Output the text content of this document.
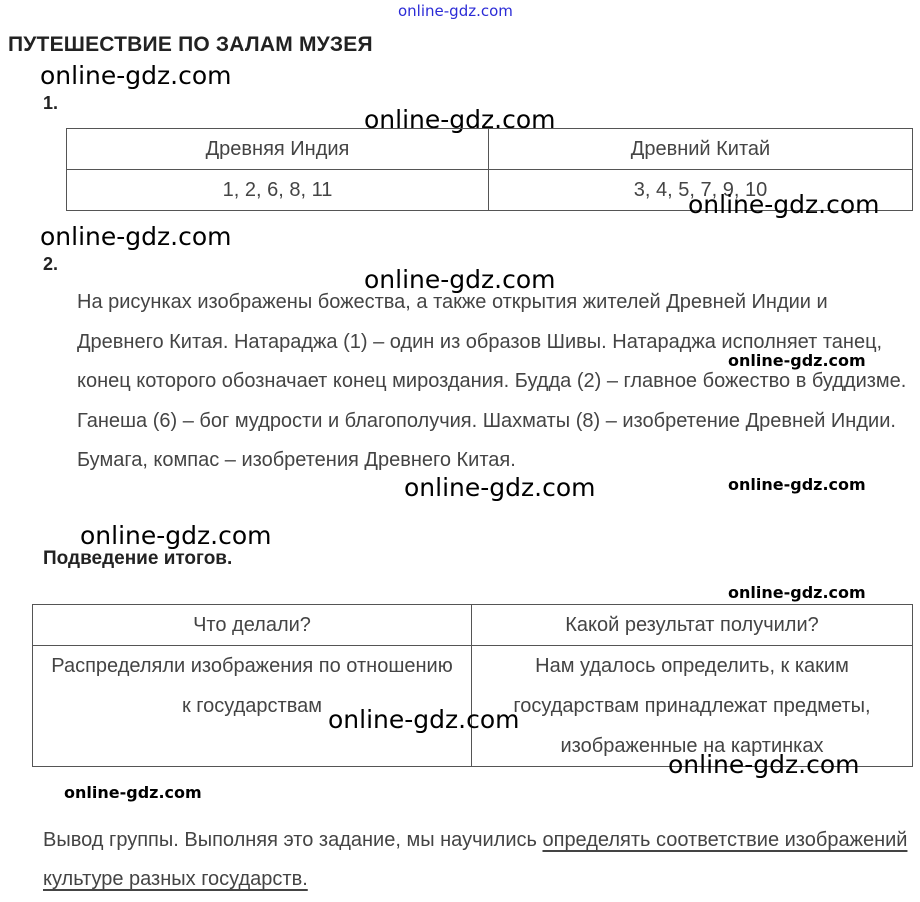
online-gdz.com
ПУТЕШЕСТВИЕ ПО ЗАЛАМ МУЗЕЯ
online-gdz.com
1.
online-gdz.com
Древняя Индия	Древний Китай
1, 2, 6, 8, 11	3, 4, 5, 7, 9, 10
online-gdz.com
online-gdz.com
2.
online-gdz.com
На рисунках изображены божества, а также открытия жителей Древней Индии и Древнего Китая. Натараджа (1) – один из образов Шивы. Натараджа исполняет танец, конец которого обозначает конец мироздания. Будда (2) – главное божество в буддизме. Ганеша (6) – бог мудрости и благополучия. Шахматы (8) – изобретение Древней Индии. Бумага, компас – изобретения Древнего Китая.
online-gdz.com
online-gdz.com
online-gdz.com
online-gdz.com
Подведение итогов.
online-gdz.com
Что делали?	Какой результат получили?
Распределяли изображения по отношению к государствам	Нам удалось определить, к каким государствам принадлежат предметы, изображенные на картинках
online-gdz.com
online-gdz.com
online-gdz.com
Вывод группы. Выполняя это задание, мы научились определять соответствие изображений культуре разных государств.
